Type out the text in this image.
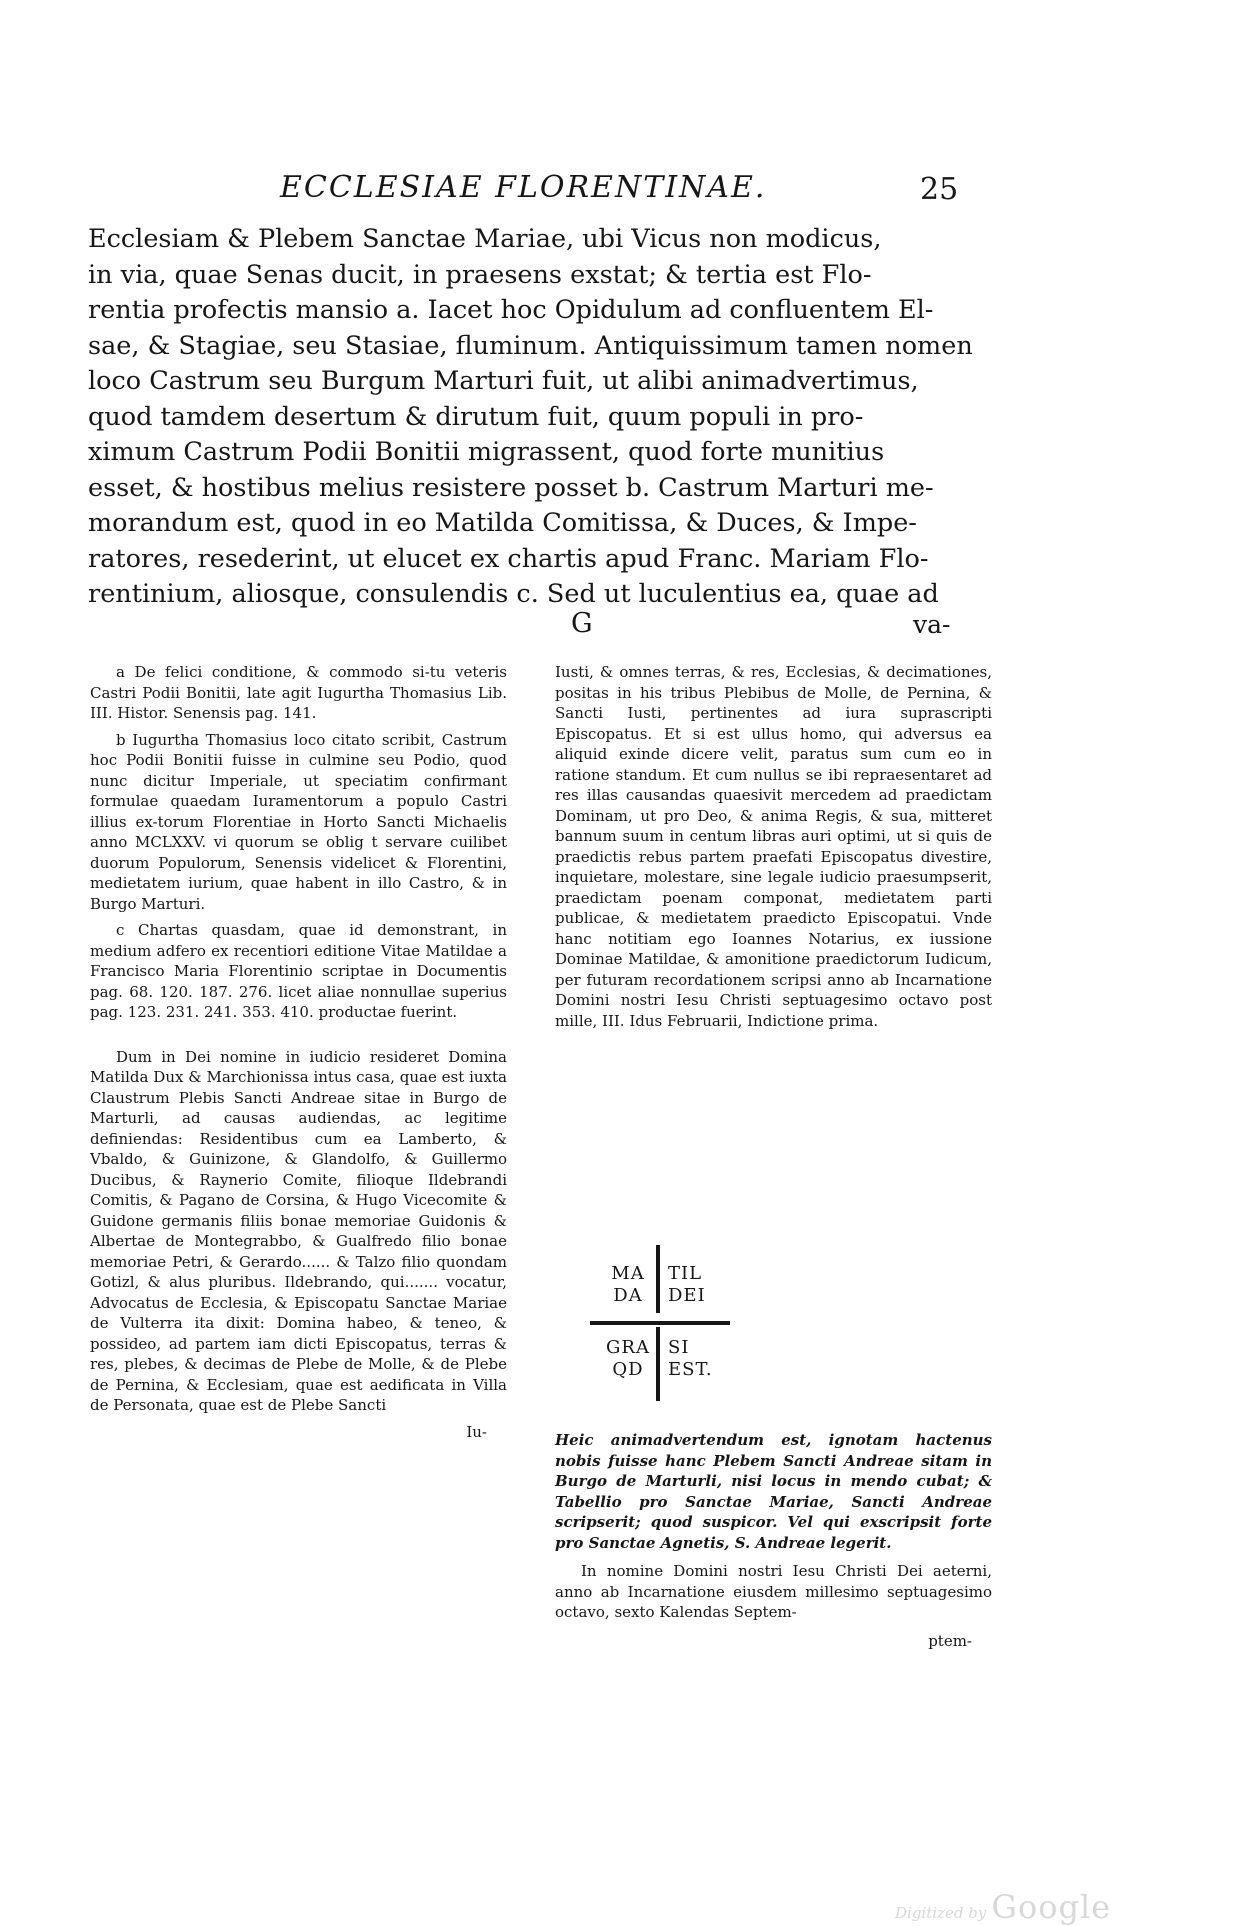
ECCLESIAE FLORENTINAE.	25
Ecclesiam & Plebem Sanctae Mariae, ubi Vicus non modicus,
in via, quae Senas ducit, in praesens exstat; & tertia est Flo-
rentia profectis mansio a. Iacet hoc Opidulum ad confluentem El-
sae, & Stagiae, seu Stasiae, fluminum. Antiquissimum tamen nomen
loco Castrum seu Burgum Marturi fuit, ut alibi animadvertimus,
quod tamdem desertum & dirutum fuit, quum populi in pro-
ximum Castrum Podii Bonitii migrassent, quod forte munitius
esset, & hostibus melius resistere posset b. Castrum Marturi me-
morandum est, quod in eo Matilda Comitissa, & Duces, & Impe-
ratores, resederint, ut elucet ex chartis apud Franc. Mariam Flo-
rentinium, aliosque, consulendis c. Sed ut luculentius ea, quae ad
G	va-

a De felici conditione, & commodo si-tu veteris Castri Podii Bonitii, late agit Iugurtha Thomasius Lib. III. Histor. Senensis pag. 141.

b Iugurtha Thomasius loco citato scribit, Castrum hoc Podii Bonitii fuisse in culmine seu Podio, quod nunc dicitur Imperiale, ut speciatim confirmant formulae quaedam Iuramentorum a populo Castri illius ex-torum Florentiae in Horto Sancti Michaelis anno MCLXXV. vi quorum se oblig t servare cuilibet duorum Populorum, Senensis videlicet & Florentini, medietatem iurium, quae habent in illo Castro, & in Burgo Marturi.

c Chartas quasdam, quae id demonstrant, in medium adfero ex recentiori editione Vitae Matildae a Francisco Maria Florentinio scriptae in Documentis pag. 68. 120. 187. 276. licet aliae nonnullae superius pag. 123. 231. 241. 353. 410. productae fuerint.

Dum in Dei nomine in iudicio resideret Domina Matilda Dux & Marchionissa intus casa, quae est iuxta Claustrum Plebis Sancti Andreae sitae in Burgo de Marturli, ad causas audiendas, ac legitime definiendas: Residentibus cum ea Lamberto, & Vbaldo, & Guinizone, & Glandolfo, & Guillermo Ducibus, & Raynerio Comite, filioque Ildebrandi Comitis, & Pagano de Corsina, & Hugo Vicecomite & Guidone germanis filiis bonae memoriae Guidonis & Albertae de Montegrabbo, & Gualfredo filio bonae memoriae Petri, & Gerardo...... & Talzo filio quondam Gotizl, & alus pluribus. Ildebrando, qui....... vocatur, Advocatus de Ecclesia, & Episcopatu Sanctae Mariae de Vulterra ita dixit: Domina habeo, & teneo, & possideo, ad partem iam dicti Episcopatus, terras & res, plebes, & decimas de Plebe de Molle, & de Plebe de Pernina, & Ecclesiam, quae est aedificata in Villa de Personata, quae est de Plebe Sancti

Iu-

Iusti, & omnes terras, & res, Ecclesias, & decimationes, positas in his tribus Plebibus de Molle, de Pernina, & Sancti Iusti, pertinentes ad iura suprascripti Episcopatus. Et si est ullus homo, qui adversus ea aliquid exinde dicere velit, paratus sum cum eo in ratione standum. Et cum nullus se ibi repraesentaret ad res illas causandas quaesivit mercedem ad praedictam Dominam, ut pro Deo, & anima Regis, & sua, mitteret bannum suum in centum libras auri optimi, ut si quis de praedictis rebus partem praefati Episcopatus divestire, inquietare, molestare, sine legale iudicio praesumpserit, praedictam poenam componat, medietatem parti publicae, & medietatem praedicto Episcopatui. Vnde hanc notitiam ego Ioannes Notarius, ex iussione Dominae Matildae, & amonitione praedictorum Iudicum, per futuram recordationem scripsi anno ab Incarnatione Domini nostri Iesu Christi septuagesimo octavo post mille, III. Idus Februarii, Indictione prima.

MA DA
TIL DEI
GRA QD
SI EST.

Heic animadvertendum est, ignotam hactenus nobis fuisse hanc Plebem Sancti Andreae sitam in Burgo de Marturli, nisi locus in mendo cubat; & Tabellio pro Sanctae Mariae, Sancti Andreae scripserit; quod suspicor. Vel qui exscripsit forte pro Sanctae Agnetis, S. Andreae legerit.

In nomine Domini nostri Iesu Christi Dei aeterni, anno ab Incarnatione eiusdem millesimo septuagesimo octavo, sexto Kalendas Septem-

ptem-

Digitized by Google
